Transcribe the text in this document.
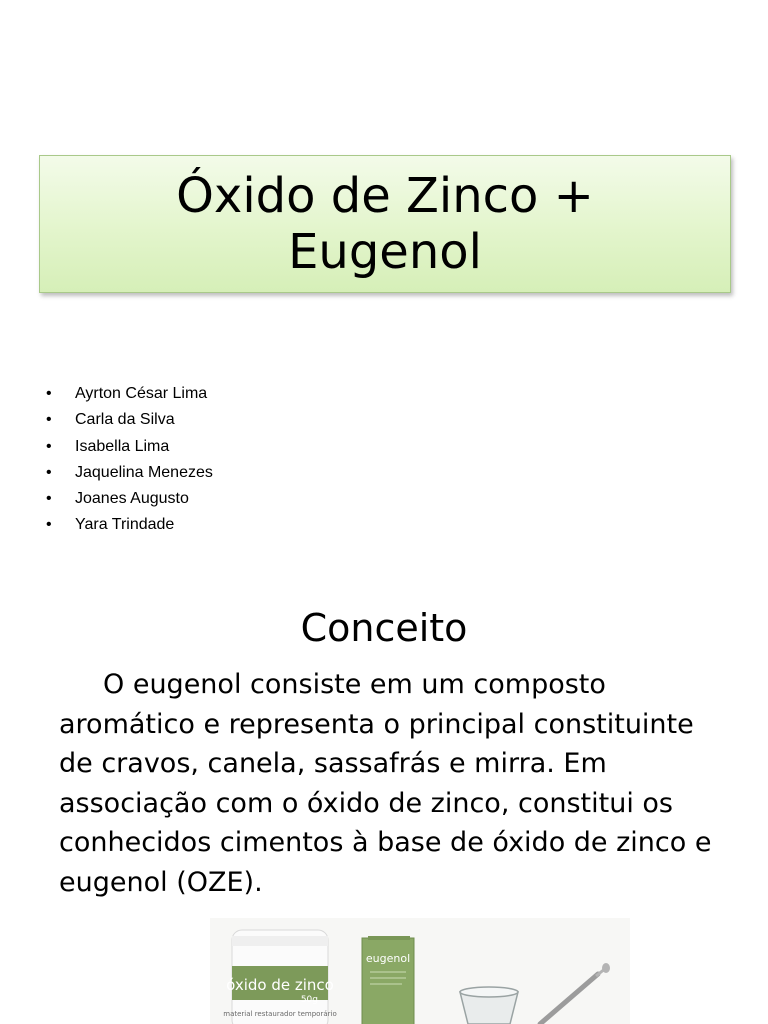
Óxido de Zinco +
Eugenol
•	Ayrton César Lima
•	Carla da Silva
•	Isabella Lima
•	Jaquelina Menezes
•	Joanes Augusto
•	Yara Trindade
Conceito

O eugenol consiste em um composto aromático e representa o principal constituinte de cravos, canela, sassafrás e mirra. Em associação com o óxido de zinco, constitui os conhecidos cimentos à base de óxido de zinco e eugenol (OZE).

óxido de zinco
50g
material restaurador temporário
eugenol
